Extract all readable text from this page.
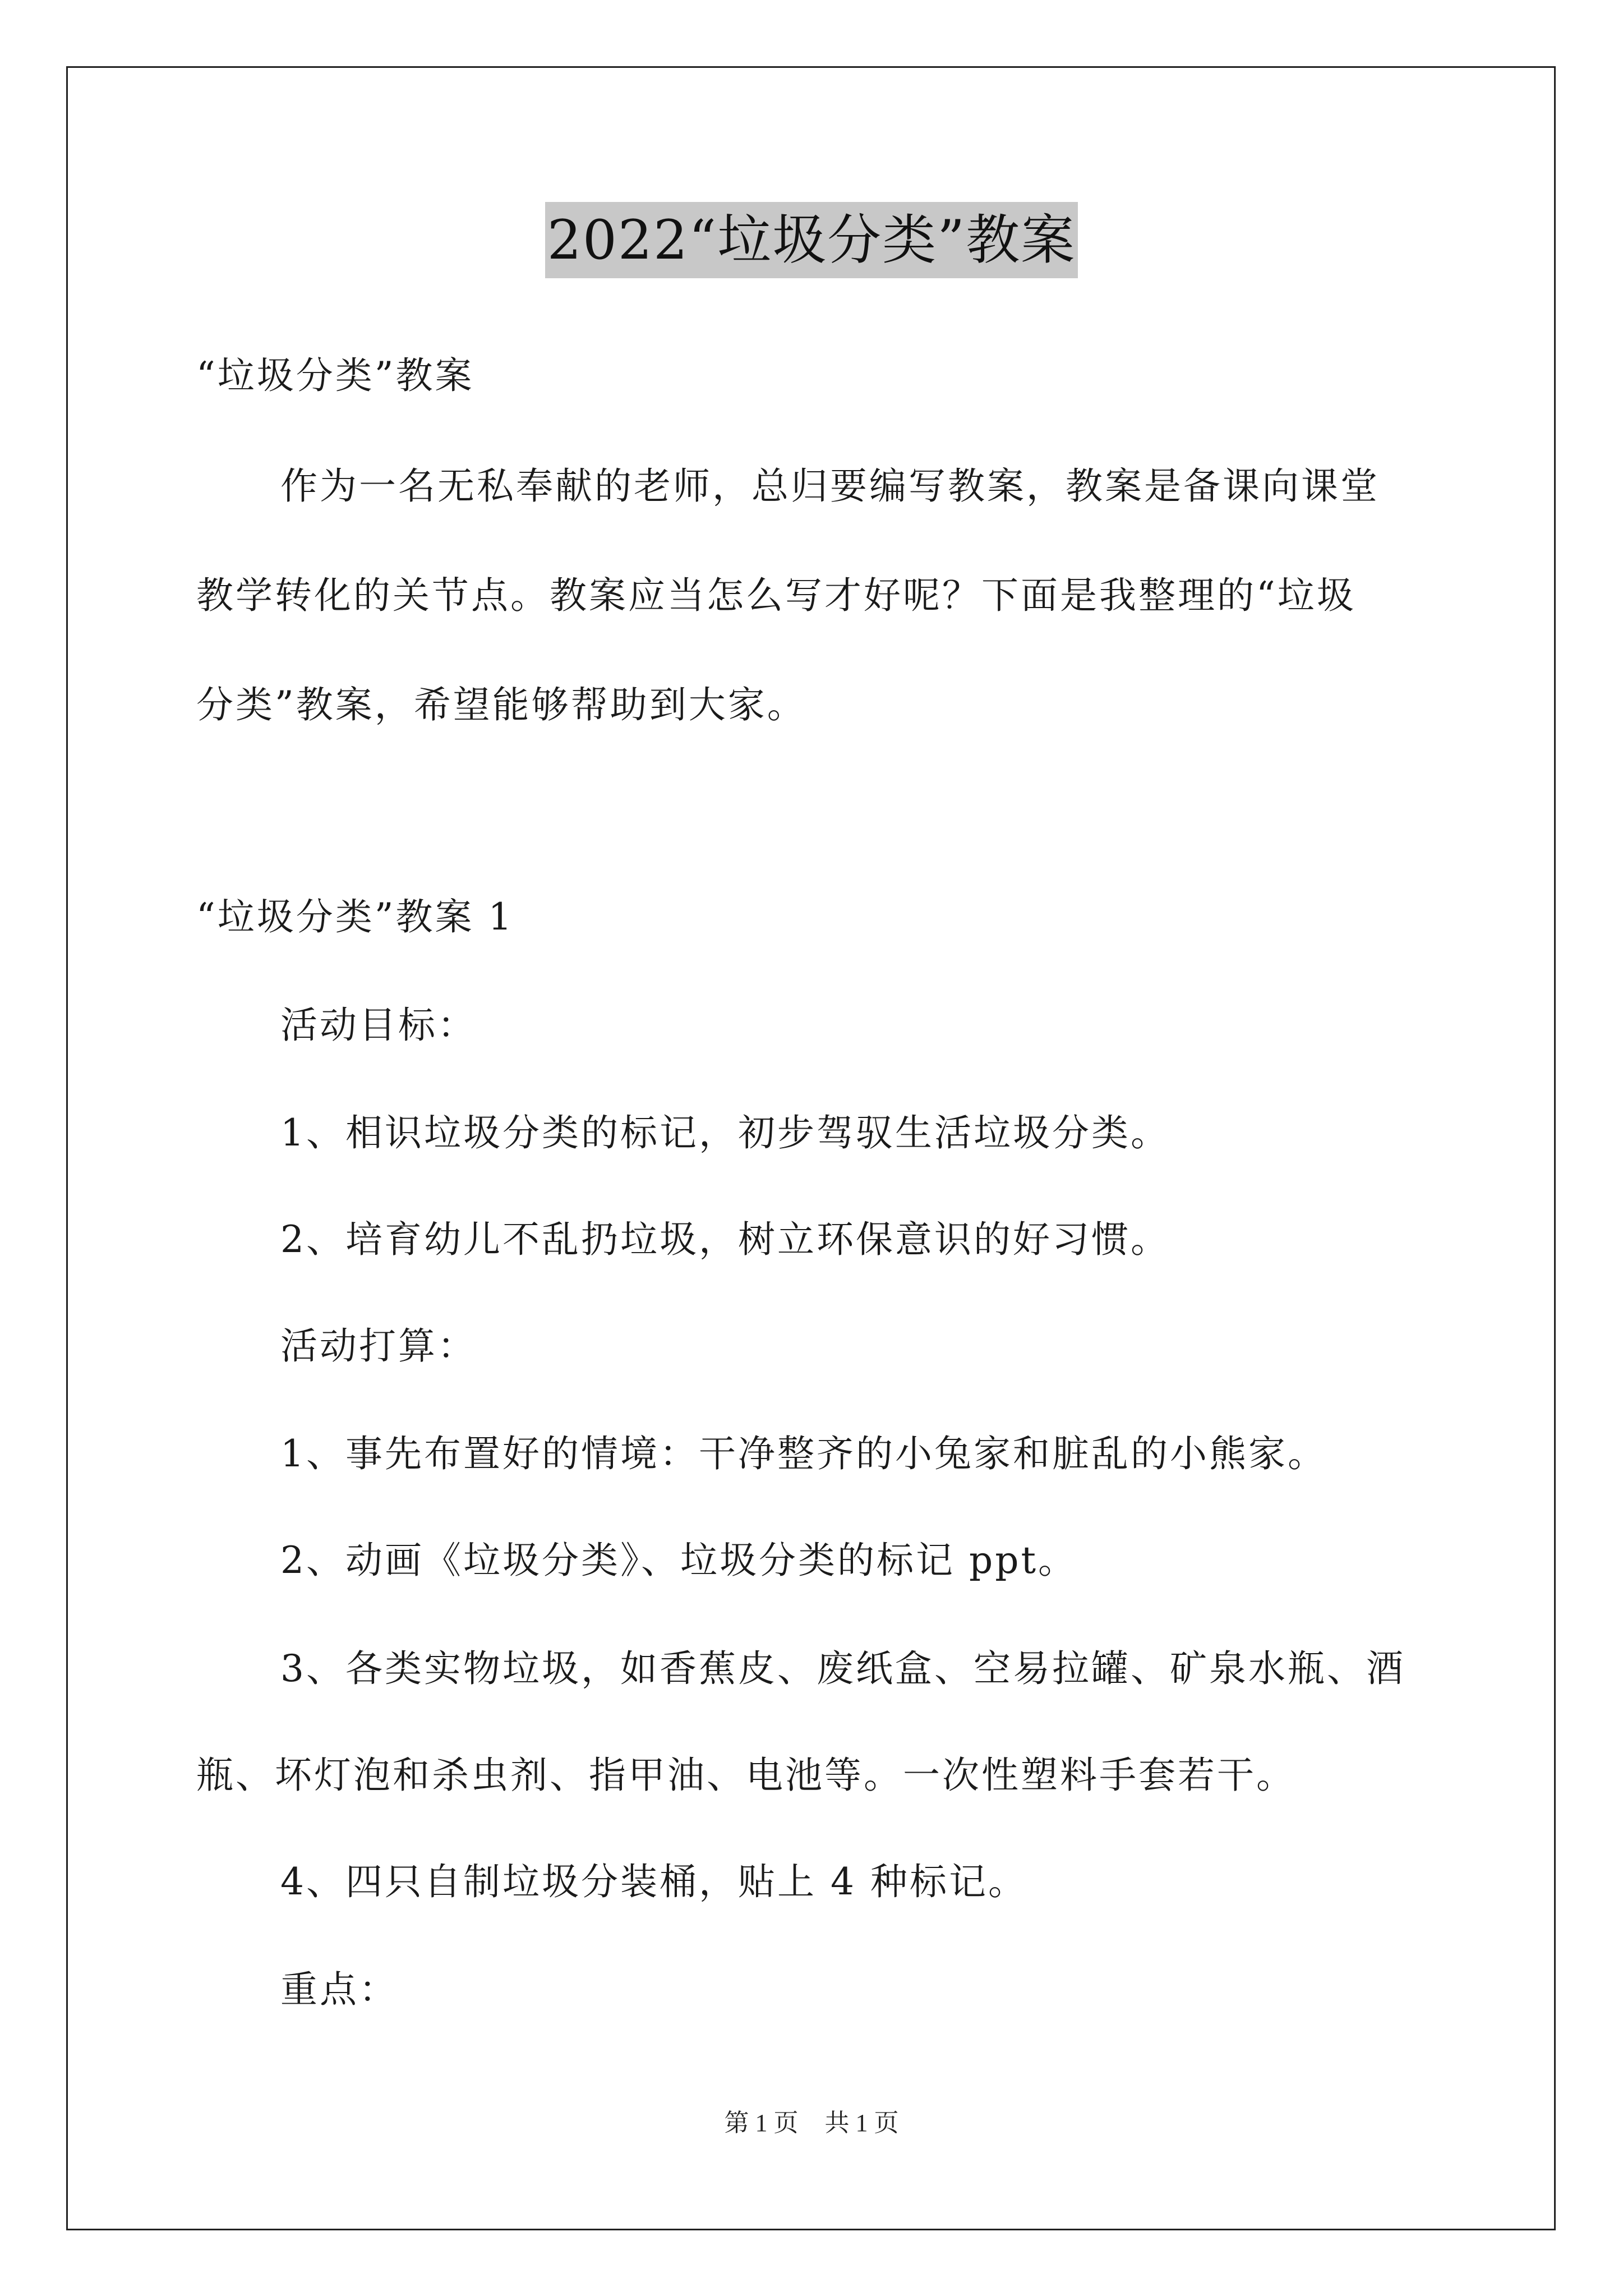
2022“垃圾分类”教案
“垃圾分类”教案
作为一名无私奉献的老师，总归要编写教案，教案是备课向课堂
教学转化的关节点。教案应当怎么写才好呢？下面是我整理的“垃圾
分类”教案，希望能够帮助到大家。
“垃圾分类”教案 1
活动目标：
1、相识垃圾分类的标记，初步驾驭生活垃圾分类。
2、培育幼儿不乱扔垃圾，树立环保意识的好习惯。
活动打算：
1、事先布置好的情境：干净整齐的小兔家和脏乱的小熊家。
2、动画《垃圾分类》、垃圾分类的标记 ppt。
3、各类实物垃圾，如香蕉皮、废纸盒、空易拉罐、矿泉水瓶、酒
瓶、坏灯泡和杀虫剂、指甲油、电池等。一次性塑料手套若干。
4、四只自制垃圾分装桶，贴上 4 种标记。
重点：
第 1 页 共 1 页
